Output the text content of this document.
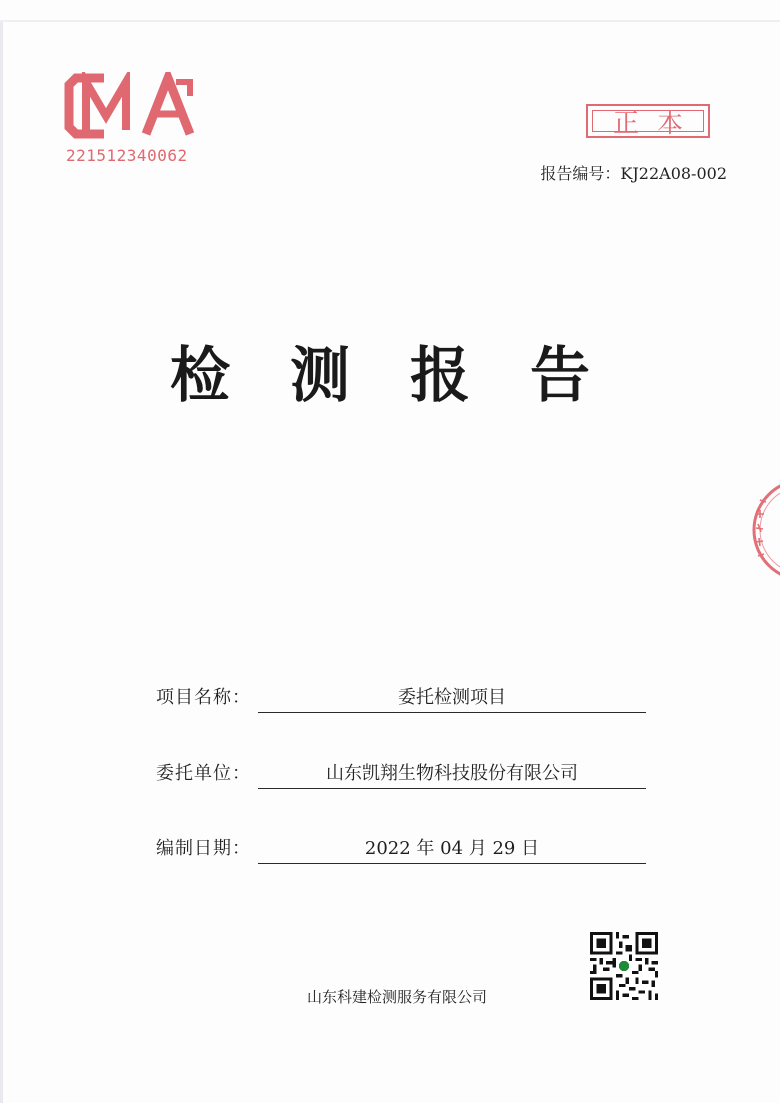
221512340062
正本
报告编号：KJ22A08-002
检测报告
项目名称：	委托检测项目
委托单位：	山东凯翔生物科技股份有限公司
编制日期：	2022 年 04 月 29 日
山东科建检测服务有限公司
